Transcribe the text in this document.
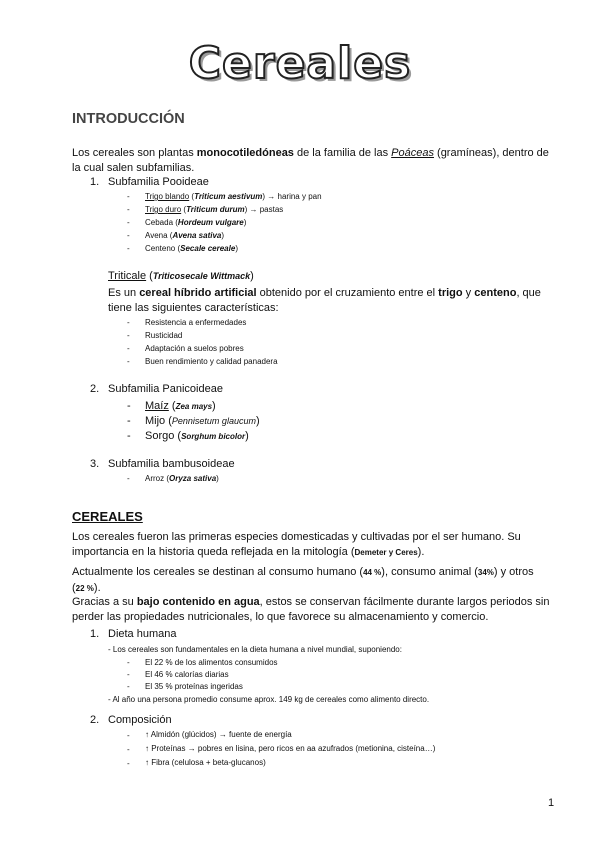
Cereales
INTRODUCCIÓN
Los cereales son plantas monocotiledóneas de la familia de las Poáceas (gramíneas), dentro de
la cual salen subfamilias.
1. Subfamilia Pooideae
- Trigo blando (Triticum aestivum) → harina y pan
- Trigo duro (Triticum durum) → pastas
- Cebada (Hordeum vulgare)
- Avena (Avena sativa)
- Centeno (Secale cereale)
Triticale (Triticosecale Wittmack)
Es un cereal híbrido artificial obtenido por el cruzamiento entre el trigo y centeno, que
tiene las siguientes características:
- Resistencia a enfermedades
- Rusticidad
- Adaptación a suelos pobres
- Buen rendimiento y calidad panadera
2. Subfamilia Panicoideae
- Maíz (Zea mays)
- Mijo (Pennisetum glaucum)
- Sorgo (Sorghum bicolor)
3. Subfamilia bambusoideae
- Arroz (Oryza sativa)
CEREALES
Los cereales fueron las primeras especies domesticadas y cultivadas por el ser humano. Su
importancia en la historia queda reflejada en la mitología (Demeter y Ceres).
Actualmente los cereales se destinan al consumo humano (44 %), consumo animal (34%) y otros
(22 %).
Gracias a su bajo contenido en agua, estos se conservan fácilmente durante largos periodos sin
perder las propiedades nutricionales, lo que favorece su almacenamiento y comercio.
1. Dieta humana
- Los cereales son fundamentales en la dieta humana a nivel mundial, suponiendo:
- El 22 % de los alimentos consumidos
- El 46 % calorías diarias
- El 35 % proteínas ingeridas
- Al año una persona promedio consume aprox. 149 kg de cereales como alimento directo.
2. Composición
- ↑ Almidón (glúcidos) → fuente de energía
- ↑ Proteínas → pobres en lisina, pero ricos en aa azufrados (metionina, cisteína…)
- ↑ Fibra (celulosa + beta-glucanos)
1
